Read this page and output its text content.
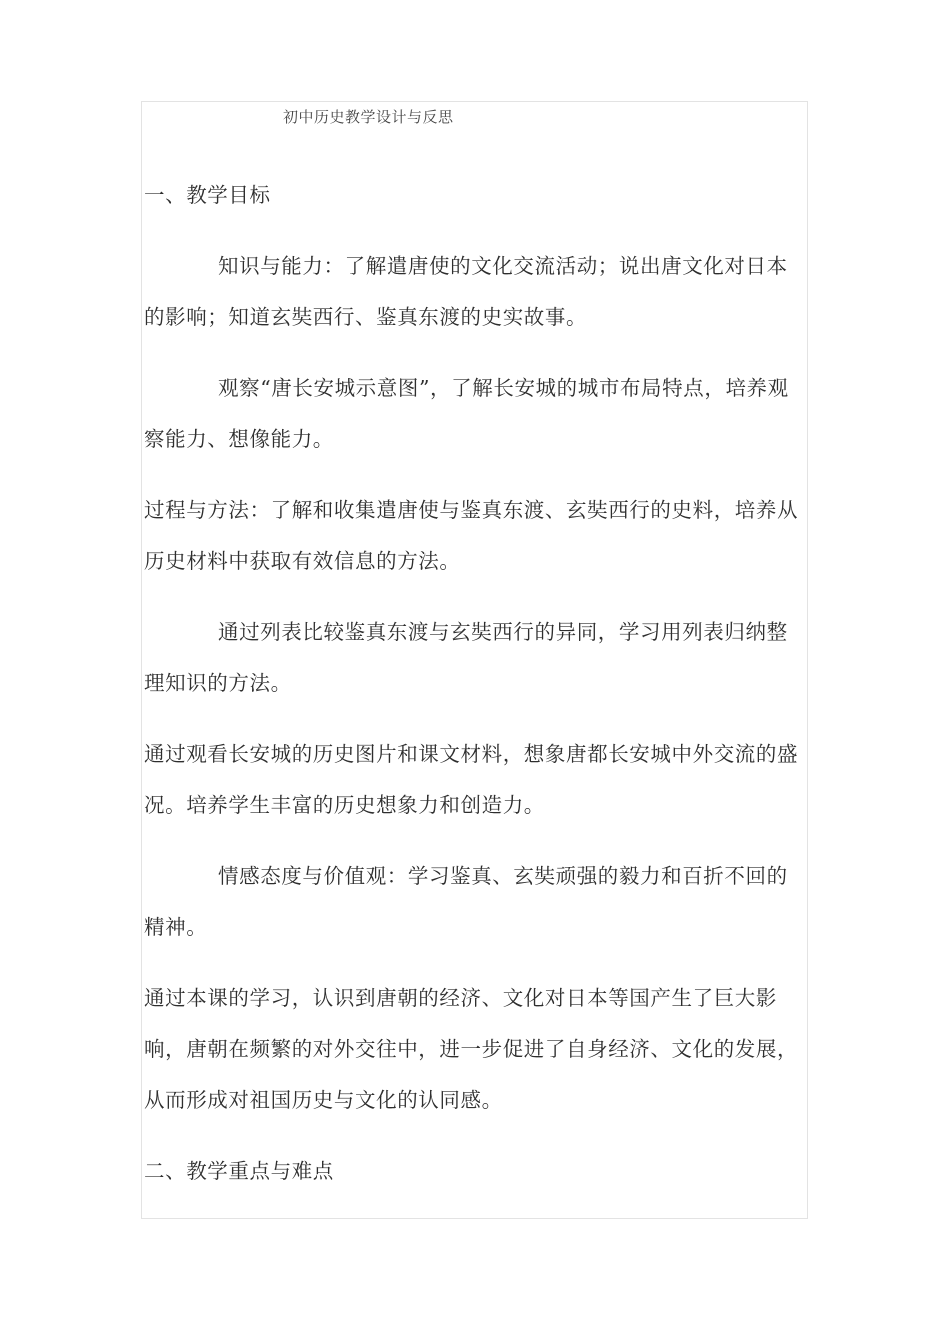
初中历史教学设计与反思

一、教学目标

知识与能力：了解遣唐使的文化交流活动；说出唐文化对日本的影响；知道玄奘西行、鉴真东渡的史实故事。

观察“唐长安城示意图”，了解长安城的城市布局特点，培养观察能力、想像能力。

过程与方法：了解和收集遣唐使与鉴真东渡、玄奘西行的史料，培养从历史材料中获取有效信息的方法。

通过列表比较鉴真东渡与玄奘西行的异同，学习用列表归纳整理知识的方法。

通过观看长安城的历史图片和课文材料，想象唐都长安城中外交流的盛况。培养学生丰富的历史想象力和创造力。

情感态度与价值观：学习鉴真、玄奘顽强的毅力和百折不回的精神。

通过本课的学习，认识到唐朝的经济、文化对日本等国产生了巨大影响，唐朝在频繁的对外交往中，进一步促进了自身经济、文化的发展，从而形成对祖国历史与文化的认同感。

二、教学重点与难点
